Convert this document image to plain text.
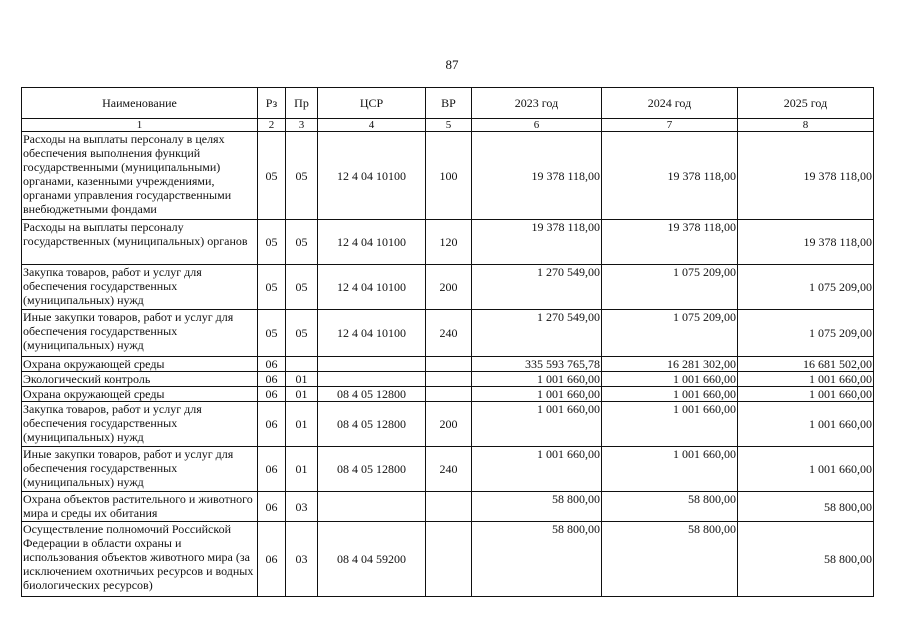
87
Наименование	Рз	Пр	ЦСР	ВР	2023 год	2024 год	2025 год
1	2	3	4	5	6	7	8
Расходы на выплаты персоналу в целях обеспечения выполнения функций государственными (муниципальными) органами, казенными учреждениями, органами управления государственными внебюджетными фондами	05	05	12 4 04 10100	100	19 378 118,00	19 378 118,00	19 378 118,00
Расходы на выплаты персоналу государственных (муниципальных) органов	05	05	12 4 04 10100	120	19 378 118,00	19 378 118,00	19 378 118,00
Закупка товаров, работ и услуг для обеспечения государственных (муниципальных) нужд	05	05	12 4 04 10100	200	1 270 549,00	1 075 209,00	1 075 209,00
Иные закупки товаров, работ и услуг для обеспечения государственных (муниципальных) нужд	05	05	12 4 04 10100	240	1 270 549,00	1 075 209,00	1 075 209,00
Охрана окружающей среды	06				335 593 765,78	16 281 302,00	16 681 502,00
Экологический контроль	06	01			1 001 660,00	1 001 660,00	1 001 660,00
Охрана окружающей среды	06	01	08 4 05 12800		1 001 660,00	1 001 660,00	1 001 660,00
Закупка товаров, работ и услуг для обеспечения государственных (муниципальных) нужд	06	01	08 4 05 12800	200	1 001 660,00	1 001 660,00	1 001 660,00
Иные закупки товаров, работ и услуг для обеспечения государственных (муниципальных) нужд	06	01	08 4 05 12800	240	1 001 660,00	1 001 660,00	1 001 660,00
Охрана объектов растительного и животного мира и среды их обитания	06	03			58 800,00	58 800,00	58 800,00
Осуществление полномочий Российской Федерации в области охраны и использования объектов животного мира (за исключением охотничьих ресурсов и водных биологических ресурсов)	06	03	08 4 04 59200		58 800,00	58 800,00	58 800,00
